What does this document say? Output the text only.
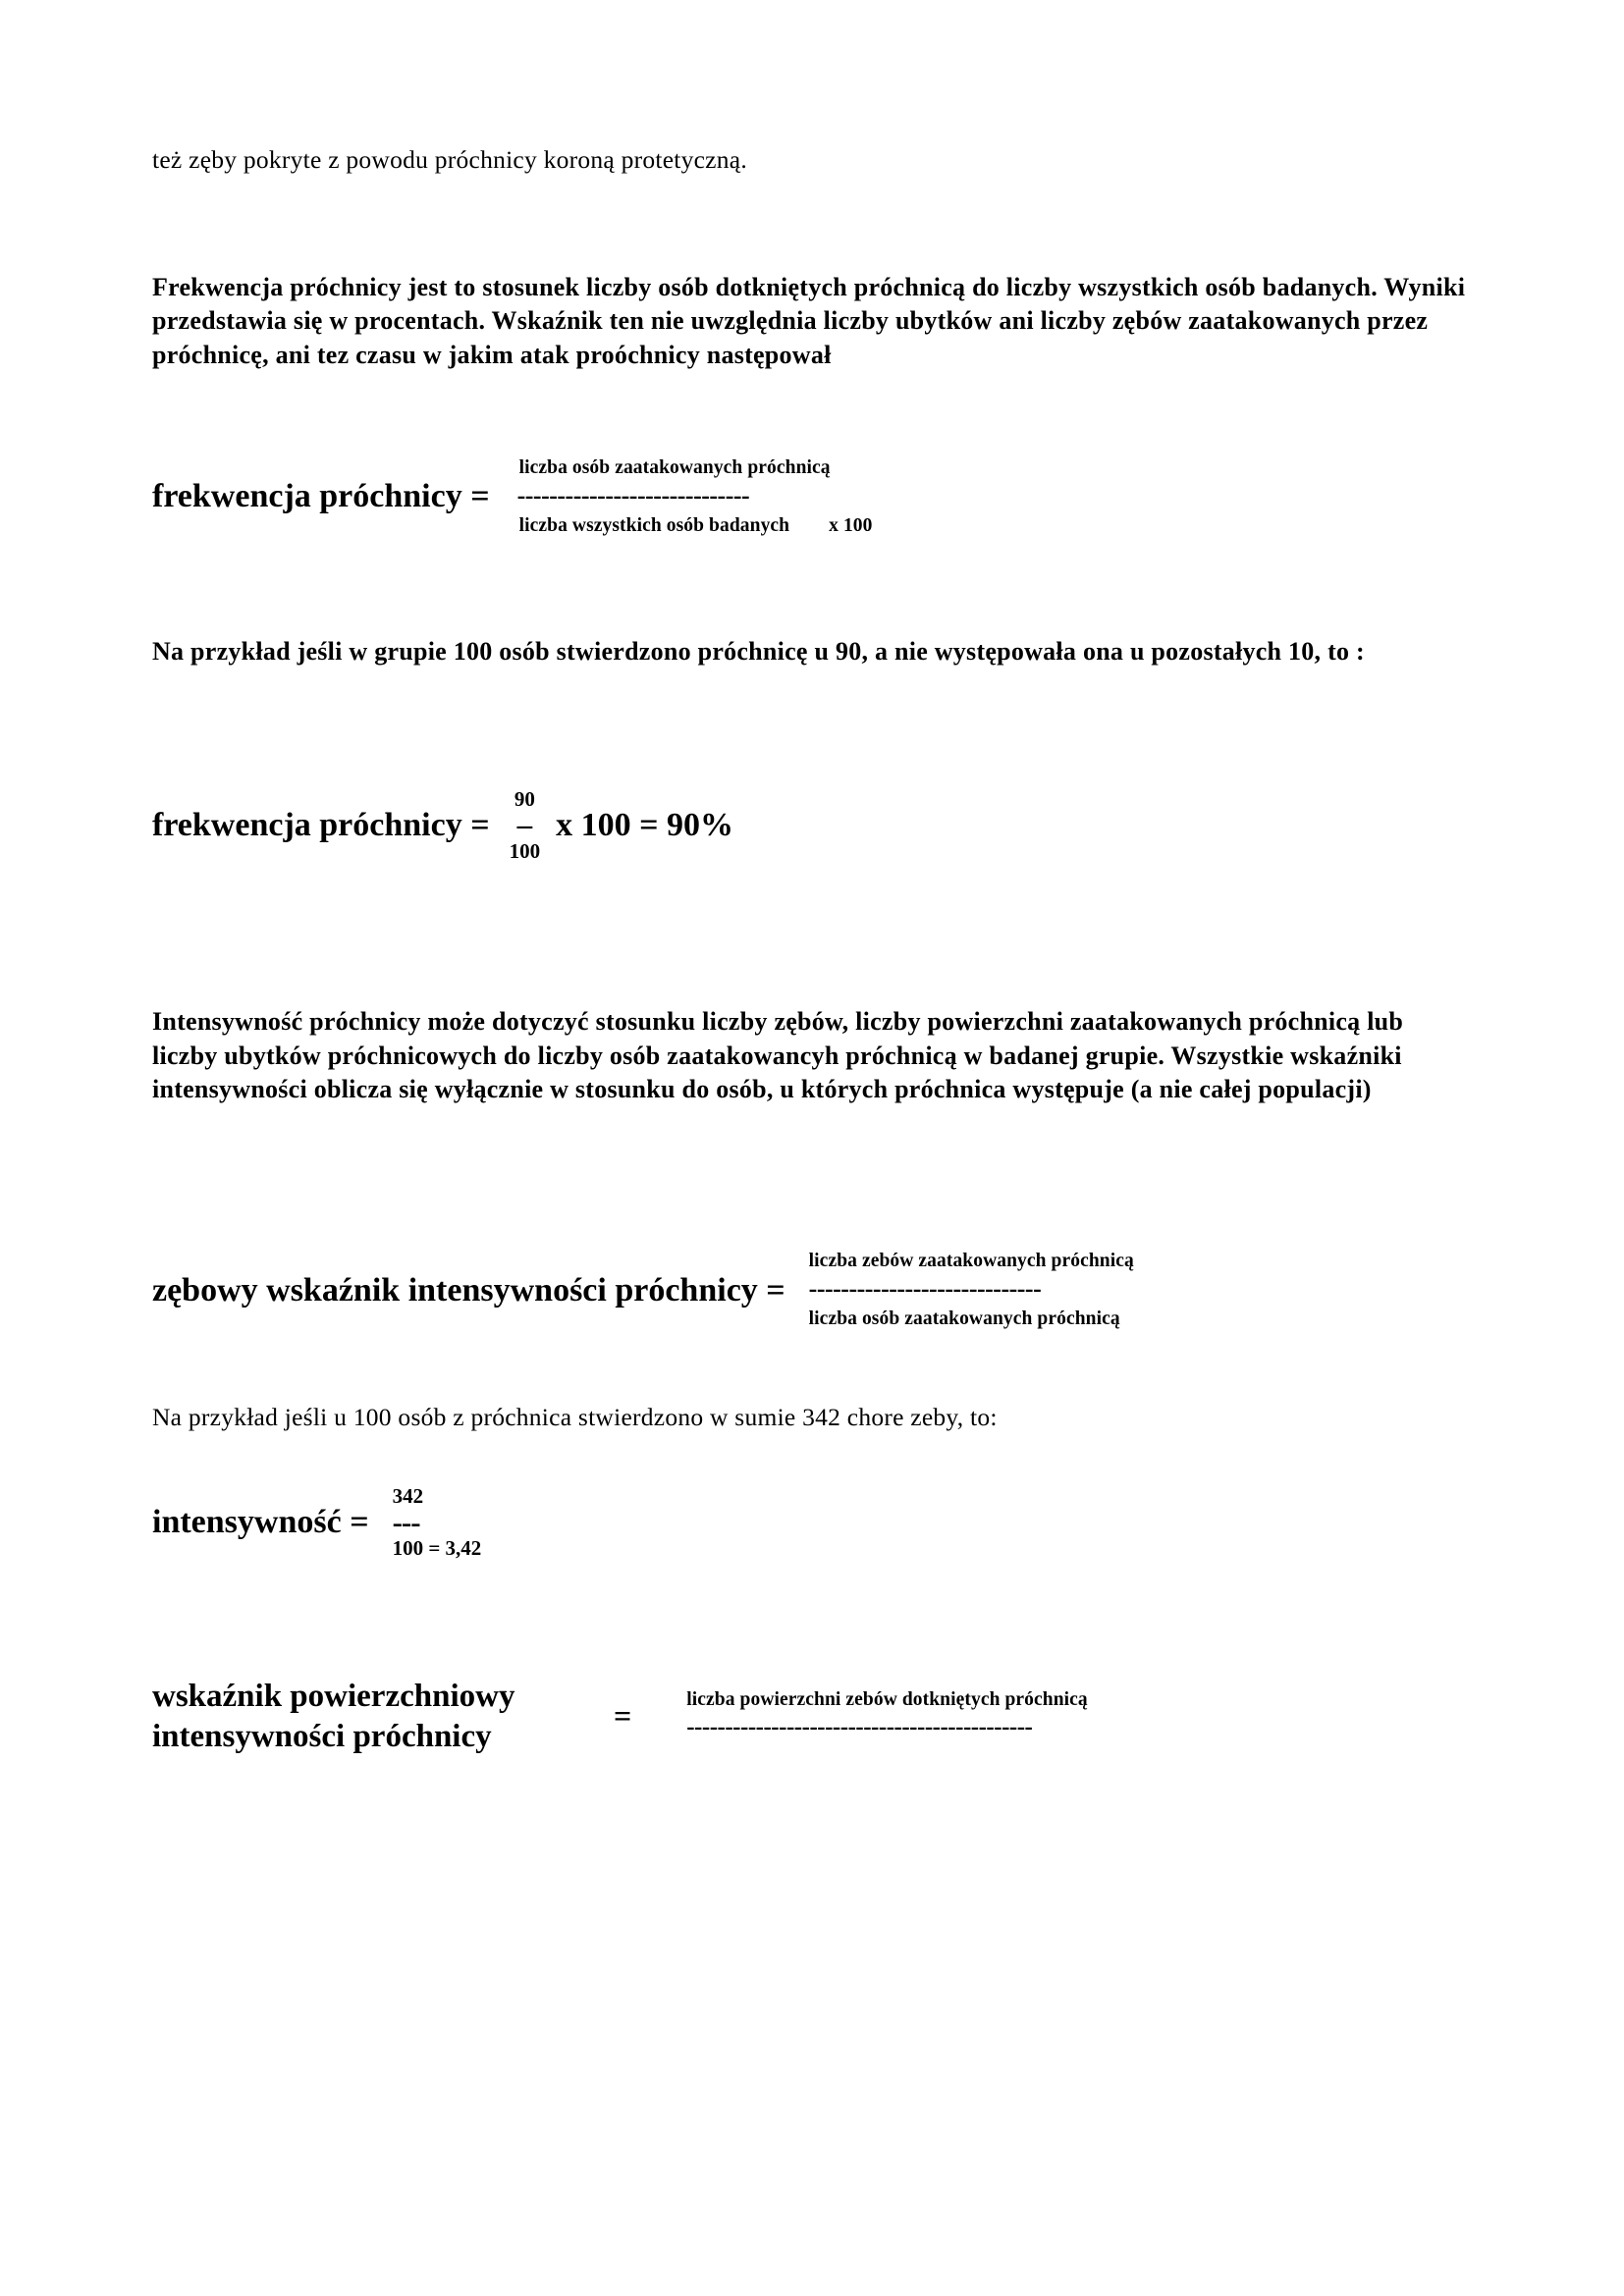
też zęby pokryte z powodu próchnicy koroną protetyczną.

Frekwencja próchnicy jest to stosunek liczby osób dotkniętych próchnicą do liczby wszystkich osób badanych. Wyniki przedstawia się w procentach. Wskaźnik ten nie uwzględnia liczby ubytków ani liczby zębów zaatakowanych przez próchnicę, ani tez czasu w jakim atak proóchnicy następował

frekwencja próchnicy =
liczba osób zaatakowanych próchnicą
-----------------------------
liczba wszystkich osób badanych x 100

Na przykład jeśli w grupie 100 osób stwierdzono próchnicę u 90, a nie występowała ona u pozostałych 10, to :

frekwencja próchnicy =
90
–
100
x 100 = 90%

Intensywność próchnicy może dotyczyć stosunku liczby zębów, liczby powierzchni zaatakowanych próchnicą lub liczby ubytków próchnicowych do liczby osób zaatakowancyh próchnicą w badanej grupie. Wszystkie wskaźniki intensywności oblicza się wyłącznie w stosunku do osób, u których próchnica występuje (a nie całej populacji)

zębowy wskaźnik intensywności próchnicy =
liczba zebów zaatakowanych próchnicą
-----------------------------
liczba osób zaatakowanych próchnicą

Na przykład jeśli u 100 osób z próchnica stwierdzono w sumie 342 chore zeby, to:

intensywność =
342
---
100 = 3,42
wskaźnik powierzchniowy
intensywności próchnicy
=	liczba powierzchni zebów dotkniętych próchnicą
---------------------------------------------
